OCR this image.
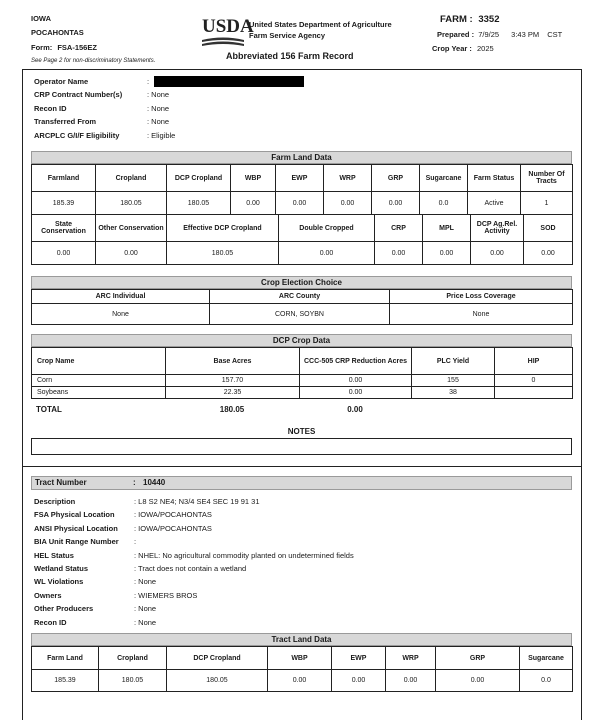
IOWA
POCAHONTAS
Form: FSA-156EZ
See Page 2 for non-discriminatory Statements.
USDA
United States Department of Agriculture
Farm Service Agency
Abbreviated 156 Farm Record
FARM : 3352
Prepared : 7/9/25 3:43 PM CST
Crop Year : 2025
Operator Name	:
CRP Contract Number(s)	: None
Recon ID	: None
Transferred From	: None
ARCPLC G/I/F Eligibility	: Eligible
Farm Land Data
Farmland	Cropland	DCP Cropland	WBP	EWP	WRP	GRP	Sugarcane	Farm Status	Number Of Tracts
185.39	180.05	180.05	0.00	0.00	0.00	0.00	0.0	Active	1
State Conservation	Other Conservation	Effective DCP Cropland	Double Cropped	CRP	MPL	DCP Ag.Rel. Activity	SOD
0.00	0.00	180.05	0.00	0.00	0.00	0.00	0.00
Crop Election Choice
ARC Individual	ARC County	Price Loss Coverage
None	CORN, SOYBN	None
DCP Crop Data
Crop Name	Base Acres	CCC-505 CRP Reduction Acres	PLC Yield	HIP
Corn	157.70	0.00	155	0
Soybeans	22.35	0.00	38	
TOTAL	180.05	0.00	
NOTES
Tract Number	: 10440
Description	: L8 S2 NE4; N3/4 SE4 SEC 19 91 31
FSA Physical Location	: IOWA/POCAHONTAS
ANSI Physical Location : IOWA/POCAHONTAS
BIA Unit Range Number :
HEL Status	: NHEL: No agricultural commodity planted on undetermined fields
Wetland Status	: Tract does not contain a wetland
WL Violations	: None
Owners	: WIEMERS BROS
Other Producers	: None
Recon ID	: None
Tract Land Data
Farm Land	Cropland	DCP Cropland	WBP	EWP	WRP	GRP	Sugarcane
185.39	180.05	180.05	0.00	0.00	0.00	0.00	0.0
